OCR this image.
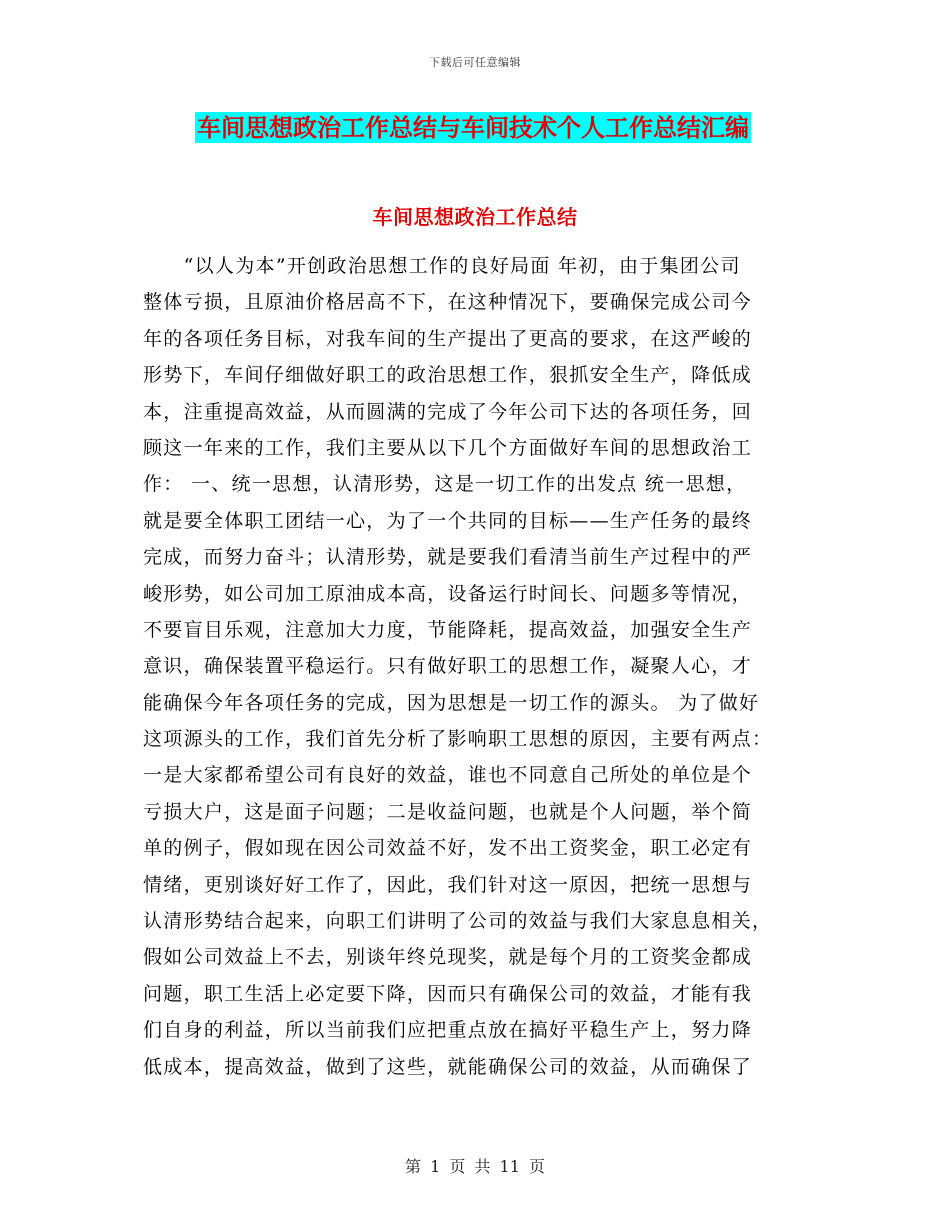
下载后可任意编辑
车间思想政治工作总结与车间技术个人工作总结汇编
车间思想政治工作总结
　　“以人为本”开创政治思想工作的良好局面 年初，由于集团公司
整体亏损，且原油价格居高不下，在这种情况下，要确保完成公司今
年的各项任务目标，对我车间的生产提出了更高的要求，在这严峻的
形势下，车间仔细做好职工的政治思想工作，狠抓安全生产，降低成
本，注重提高效益，从而圆满的完成了今年公司下达的各项任务，回
顾这一年来的工作，我们主要从以下几个方面做好车间的思想政治工
作： 一、统一思想，认清形势，这是一切工作的出发点 统一思想，
就是要全体职工团结一心，为了一个共同的目标——生产任务的最终
完成，而努力奋斗；认清形势，就是要我们看清当前生产过程中的严
峻形势，如公司加工原油成本高，设备运行时间长、问题多等情况，
不要盲目乐观，注意加大力度，节能降耗，提高效益，加强安全生产
意识，确保装置平稳运行。只有做好职工的思想工作，凝聚人心，才
能确保今年各项任务的完成，因为思想是一切工作的源头。 为了做好
这项源头的工作，我们首先分析了影响职工思想的原因，主要有两点：
一是大家都希望公司有良好的效益，谁也不同意自己所处的单位是个
亏损大户，这是面子问题；二是收益问题，也就是个人问题，举个简
单的例子，假如现在因公司效益不好，发不出工资奖金，职工必定有
情绪，更别谈好好工作了，因此，我们针对这一原因，把统一思想与
认清形势结合起来，向职工们讲明了公司的效益与我们大家息息相关，
假如公司效益上不去，别谈年终兑现奖，就是每个月的工资奖金都成
问题，职工生活上必定要下降，因而只有确保公司的效益，才能有我
们自身的利益，所以当前我们应把重点放在搞好平稳生产上，努力降
低成本，提高效益，做到了这些，就能确保公司的效益，从而确保了
第 1 页 共 11 页
